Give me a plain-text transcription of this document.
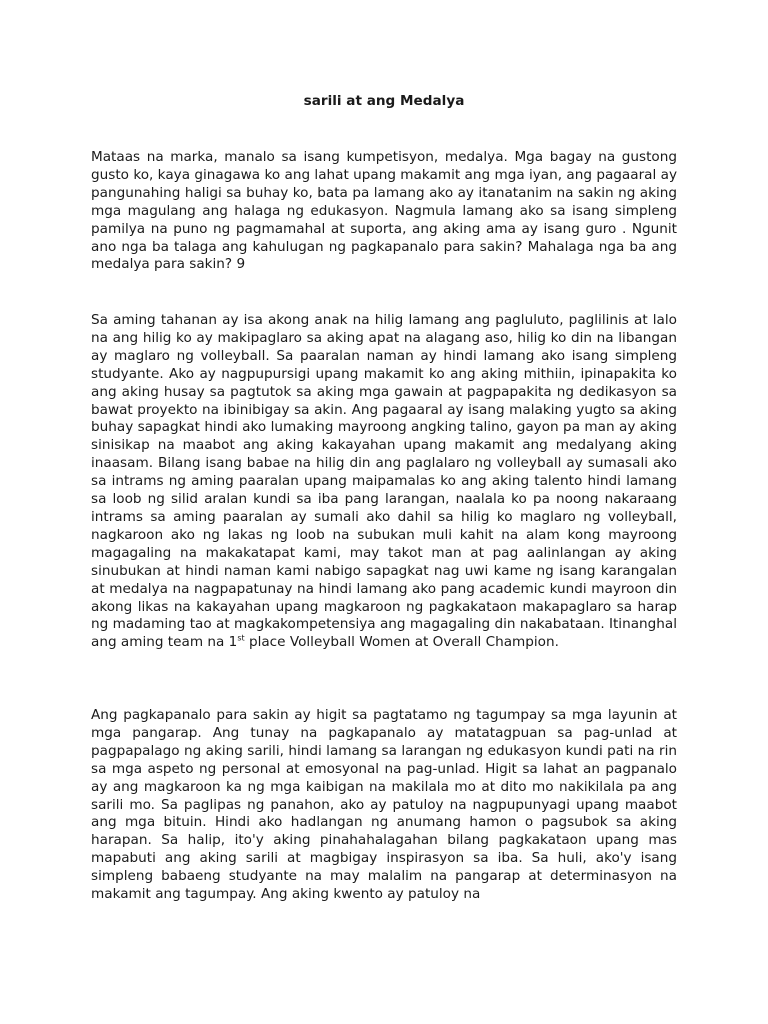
sarili at ang Medalya

Mataas na marka, manalo sa isang kumpetisyon, medalya. Mga bagay na gustong gusto ko, kaya ginagawa ko ang lahat upang makamit ang mga iyan, ang pagaaral ay pangunahing haligi sa buhay ko, bata pa lamang ako ay itanatanim na sakin ng aking mga magulang ang halaga ng edukasyon. Nagmula lamang ako sa isang simpleng pamilya na puno ng pagmamahal at suporta, ang aking ama ay isang guro . Ngunit ano nga ba talaga ang kahulugan ng pagkapanalo para sakin? Mahalaga nga ba ang medalya para sakin? 9

Sa aming tahanan ay isa akong anak na hilig lamang ang pagluluto, paglilinis at lalo na ang hilig ko ay makipaglaro sa aking apat na alagang aso, hilig ko din na libangan ay maglaro ng volleyball. Sa paaralan naman ay hindi lamang ako isang simpleng studyante. Ako ay nagpupursigi upang makamit ko ang aking mithiin, ipinapakita ko ang aking husay sa pagtutok sa aking mga gawain at pagpapakita ng dedikasyon sa bawat proyekto na ibinibigay sa akin. Ang pagaaral ay isang malaking yugto sa aking buhay sapagkat hindi ako lumaking mayroong angking talino, gayon pa man ay aking sinisikap na maabot ang aking kakayahan upang makamit ang medalyang aking inaasam. Bilang isang babae na hilig din ang paglalaro ng volleyball ay sumasali ako sa intrams ng aming paaralan upang maipamalas ko ang aking talento hindi lamang sa loob ng silid aralan kundi sa iba pang larangan, naalala ko pa noong nakaraang intrams sa aming paaralan ay sumali ako dahil sa hilig ko maglaro ng volleyball, nagkaroon ako ng lakas ng loob na subukan muli kahit na alam kong mayroong magagaling na makakatapat kami, may takot man at pag aalinlangan ay aking sinubukan at hindi naman kami nabigo sapagkat nag uwi kame ng isang karangalan at medalya na nagpapatunay na hindi lamang ako pang academic kundi mayroon din akong likas na kakayahan upang magkaroon ng pagkakataon makapaglaro sa harap ng madaming tao at magkakompetensiya ang magagaling din nakabataan. Itinanghal ang aming team na 1st place Volleyball Women at Overall Champion.

Ang pagkapanalo para sakin ay higit sa pagtatamo ng tagumpay sa mga layunin at mga pangarap. Ang tunay na pagkapanalo ay matatagpuan sa pag-unlad at pagpapalago ng aking sarili, hindi lamang sa larangan ng edukasyon kundi pati na rin sa mga aspeto ng personal at emosyonal na pag-unlad. Higit sa lahat an pagpanalo ay ang magkaroon ka ng mga kaibigan na makilala mo at dito mo nakikilala pa ang sarili mo. Sa paglipas ng panahon, ako ay patuloy na nagpupunyagi upang maabot ang mga bituin. Hindi ako hadlangan ng anumang hamon o pagsubok sa aking harapan. Sa halip, ito'y aking pinahahalagahan bilang pagkakataon upang mas mapabuti ang aking sarili at magbigay inspirasyon sa iba. Sa huli, ako'y isang simpleng babaeng studyante na may malalim na pangarap at determinasyon na makamit ang tagumpay. Ang aking kwento ay patuloy na
